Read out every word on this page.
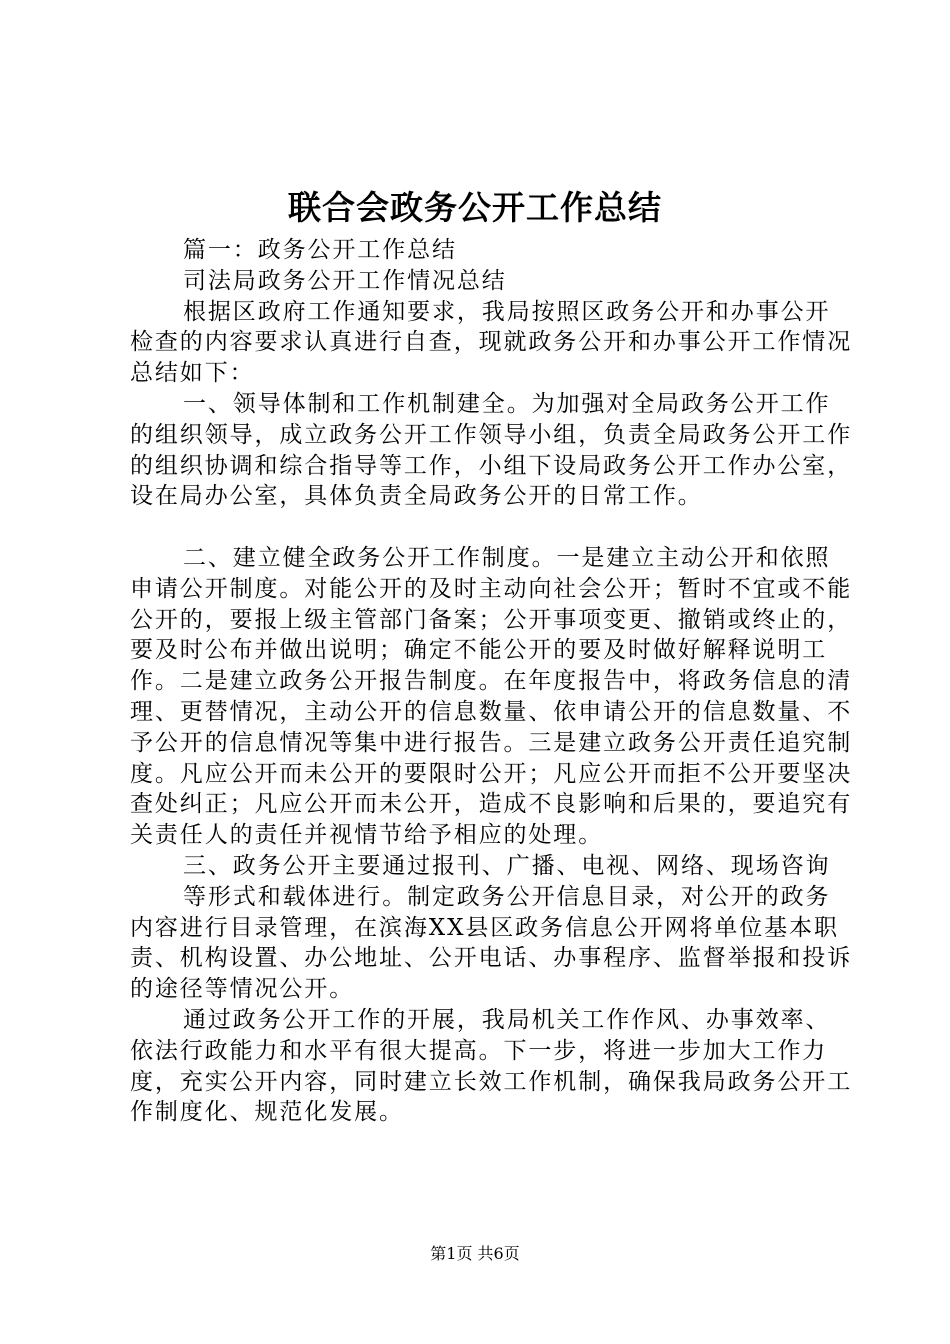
联合会政务公开工作总结

篇一：政务公开工作总结

司法局政务公开工作情况总结

根据区政府工作通知要求，我局按照区政务公开和办事公开检查的内容要求认真进行自查，现就政务公开和办事公开工作情况总结如下：

一、领导体制和工作机制建全。为加强对全局政务公开工作的组织领导，成立政务公开工作领导小组，负责全局政务公开工作的组织协调和综合指导等工作，小组下设局政务公开工作办公室，设在局办公室，具体负责全局政务公开的日常工作。

二、建立健全政务公开工作制度。一是建立主动公开和依照申请公开制度。对能公开的及时主动向社会公开；暂时不宜或不能公开的，要报上级主管部门备案；公开事项变更、撤销或终止的，要及时公布并做出说明；确定不能公开的要及时做好解释说明工作。二是建立政务公开报告制度。在年度报告中，将政务信息的清理、更替情况，主动公开的信息数量、依申请公开的信息数量、不予公开的信息情况等集中进行报告。三是建立政务公开责任追究制度。凡应公开而未公开的要限时公开；凡应公开而拒不公开要坚决查处纠正；凡应公开而未公开，造成不良影响和后果的，要追究有关责任人的责任并视情节给予相应的处理。

三、政务公开主要通过报刊、广播、电视、网络、现场咨询

等形式和载体进行。制定政务公开信息目录，对公开的政务内容进行目录管理，在滨海XX县区政务信息公开网将单位基本职责、机构设置、办公地址、公开电话、办事程序、监督举报和投诉的途径等情况公开。

通过政务公开工作的开展，我局机关工作作风、办事效率、依法行政能力和水平有很大提高。下一步，将进一步加大工作力度，充实公开内容，同时建立长效工作机制，确保我局政务公开工作制度化、规范化发展。

第1页 共6页
